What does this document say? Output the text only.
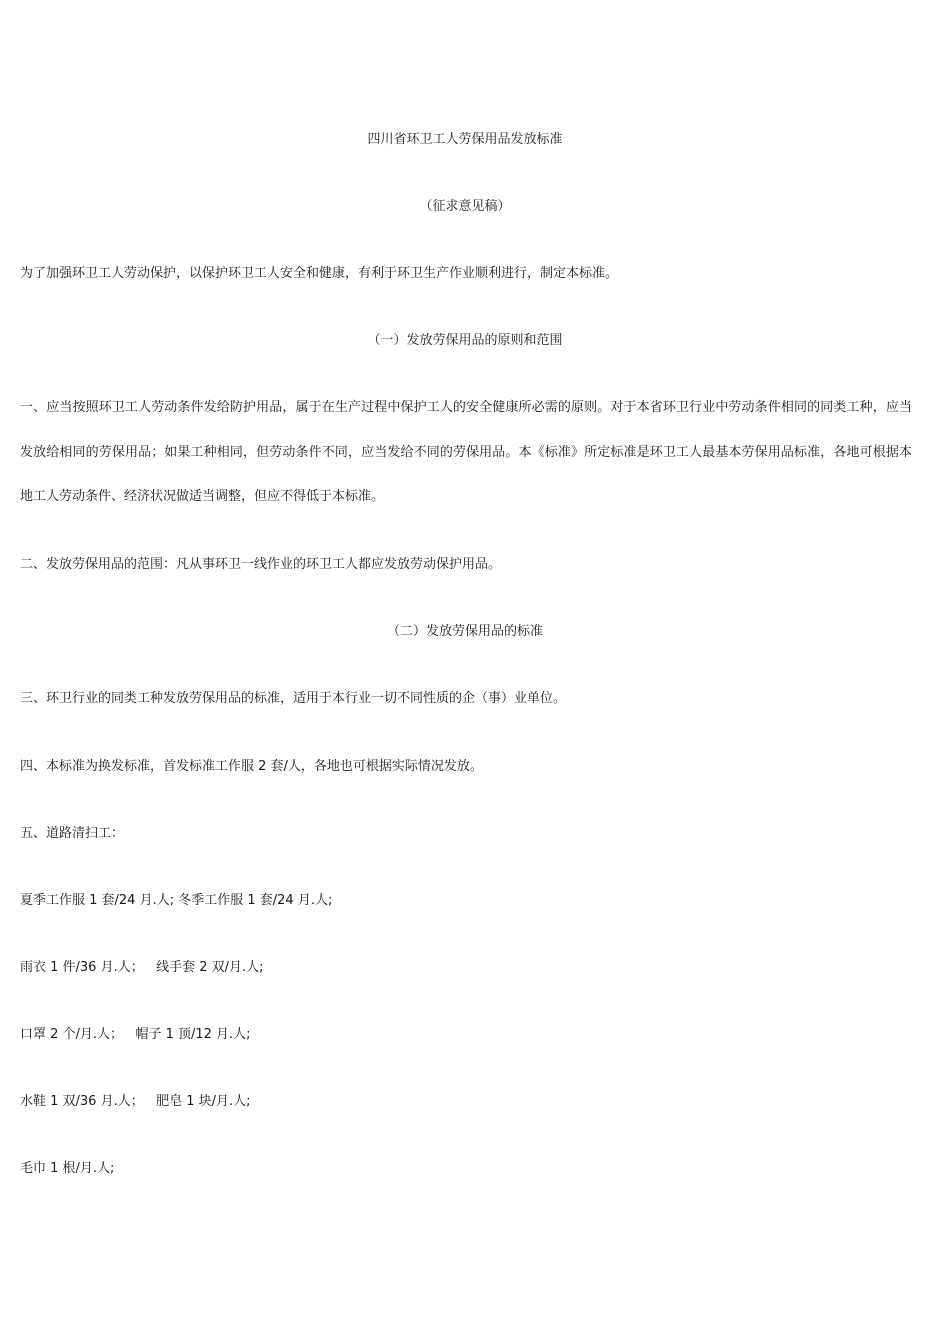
四川省环卫工人劳保用品发放标准
（征求意见稿）
为了加强环卫工人劳动保护，以保护环卫工人安全和健康，有利于环卫生产作业顺利进行，制定本标准。
（一）发放劳保用品的原则和范围
一、应当按照环卫工人劳动条件发给防护用品，属于在生产过程中保护工人的安全健康所必需的原则。对于本省环卫行业中劳动条件相同的同类工种，应当发放给相同的劳保用品；如果工种相同，但劳动条件不同，应当发给不同的劳保用品。本《标准》所定标准是环卫工人最基本劳保用品标准，各地可根据本地工人劳动条件、经济状况做适当调整，但应不得低于本标准。
二、发放劳保用品的范围：凡从事环卫一线作业的环卫工人都应发放劳动保护用品。
（二）发放劳保用品的标准
三、环卫行业的同类工种发放劳保用品的标准，适用于本行业一切不同性质的企（事）业单位。
四、本标准为换发标准，首发标准工作服 2 套/人，各地也可根据实际情况发放。
五、道路清扫工：
夏季工作服 1 套/24 月.人; 冬季工作服 1 套/24 月.人;
雨衣 1 件/36 月.人；   线手套 2 双/月.人;
口罩 2 个/月.人；   帽子 1 顶/12 月.人;
水鞋 1 双/36 月.人；   肥皂 1 块/月.人;
毛巾 1 根/月.人;
